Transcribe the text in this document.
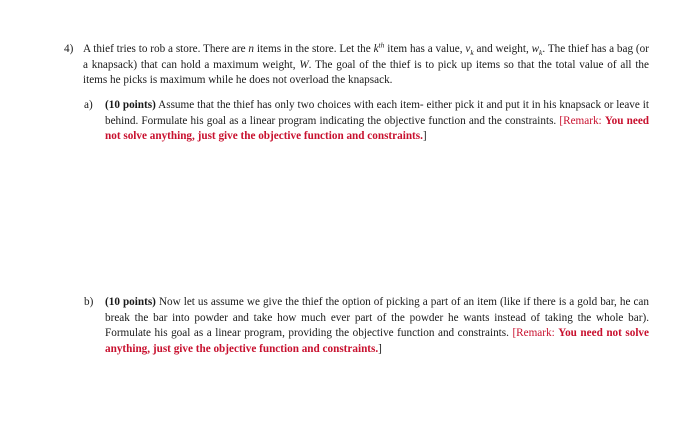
4) A thief tries to rob a store. There are n items in the store. Let the $k^{th}$ item has a value, $v_k$ and weight, $w_k$. The thief has a bag (or a knapsack) that can hold a maximum weight, W. The goal of the thief is to pick up items so that the total value of all the items he picks is maximum while he does not overload the knapsack.
a)	(10 points) Assume that the thief has only two choices with each item- either pick it and put it in his knapsack or leave it behind. Formulate his goal as a linear program indicating the objective function and the constraints. [Remark: You need not solve anything, just give the objective function and constraints.]
b)	(10 points) Now let us assume we give the thief the option of picking a part of an item (like if there is a gold bar, he can break the bar into powder and take how much ever part of the powder he wants instead of taking the whole bar). Formulate his goal as a linear program, providing the objective function and constraints. [Remark: You need not solve anything, just give the objective function and constraints.]
